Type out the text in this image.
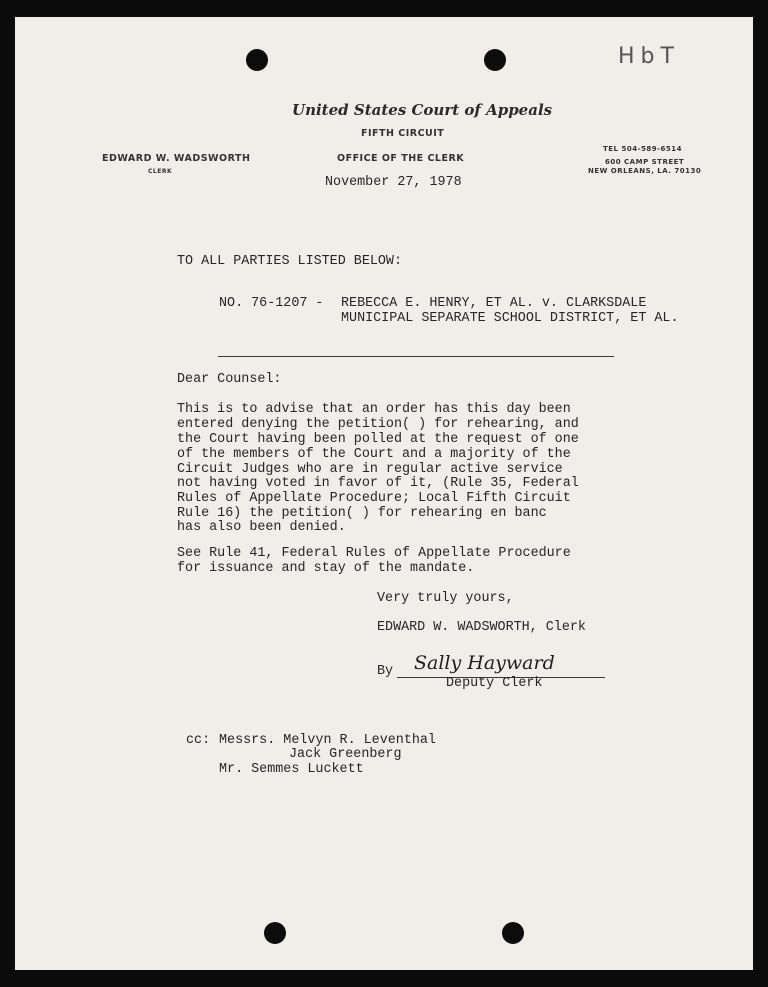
HbT
United States Court of Appeals
FIFTH CIRCUIT
EDWARD W. WADSWORTH
CLERK
OFFICE OF THE CLERK
TEL 504-589-6514
600 CAMP STREET
NEW ORLEANS, LA. 70130
November 27, 1978
TO ALL PARTIES LISTED BELOW:
NO. 76-1207 - REBECCA E. HENRY, ET AL. v. CLARKSDALE
MUNICIPAL SEPARATE SCHOOL DISTRICT, ET AL.
Dear Counsel:
This is to advise that an order has this day been
entered denying the petition( ) for rehearing, and
the Court having been polled at the request of one
of the members of the Court and a majority of the
Circuit Judges who are in regular active service
not having voted in favor of it, (Rule 35, Federal
Rules of Appellate Procedure; Local Fifth Circuit
Rule 16) the petition( ) for rehearing en banc
has also been denied.
See Rule 41, Federal Rules of Appellate Procedure
for issuance and stay of the mandate.
Very truly yours,
EDWARD W. WADSWORTH, Clerk
By Sally Hayward
Deputy Clerk
cc: Messrs. Melvyn R. Leventhal
Jack Greenberg
Mr. Semmes Luckett
